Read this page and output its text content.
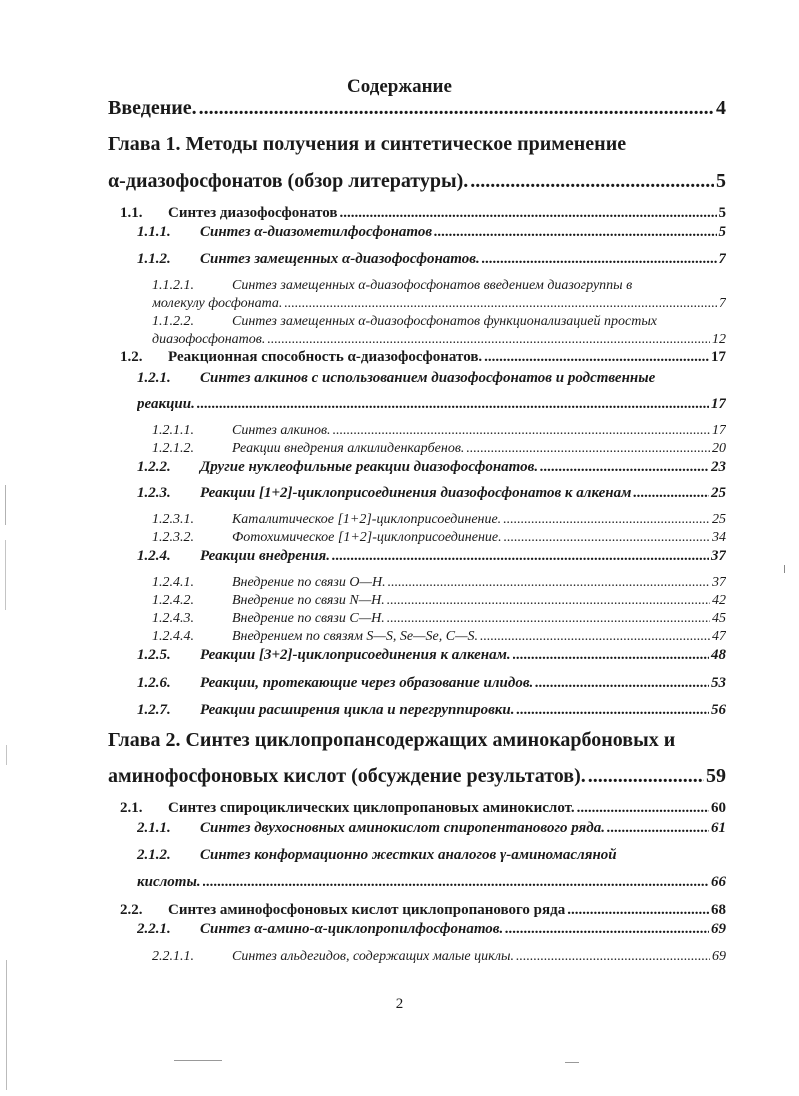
Содержание
Введение. .....	4
Глава 1. Методы получения и синтетическое применение
α-диазофосфонатов (обзор литературы). .....	5
1.1.	Синтез диазофосфонатов .....	5
1.1.1.	Синтез α-диазометилфосфонатов .....	5
1.1.2.	Синтез замещенных α-диазофосфонатов. .....	7
1.1.2.1.	Синтез замещенных α-диазофосфонатов введением диазогруппы в
молекулу фосфоната. .....	7
1.1.2.2.	Синтез замещенных α-диазофосфонатов функционализацией простых
диазофосфонатов. .....	12
1.2.	Реакционная способность α-диазофосфонатов. .....	17
1.2.1. Синтез алкинов с использованием диазофосфонатов и родственные
реакции. .....	17
1.2.1.1.	Синтез алкинов. .....	17
1.2.1.2.	Реакции внедрения алкилиденкарбенов. .....	20
1.2.2.	Другие нуклеофильные реакции диазофосфонатов. .....	23
1.2.3.	Реакции [1+2]-циклоприсоединения диазофосфонатов к алкенам .....	25
1.2.3.1.	Каталитическое [1+2]-циклоприсоединение. .....	25
1.2.3.2.	Фотохимическое [1+2]-циклоприсоединение. .....	34
1.2.4.	Реакции внедрения. .....	37
1.2.4.1.	Внедрение по связи О—Н. .....	37
1.2.4.2.	Внедрение по связи N—H. .....	42
1.2.4.3.	Внедрение по связи С—Н. .....	45
1.2.4.4.	Внедрением по связям S—S, Se—Se, C—S. .....	47
1.2.5.	Реакции [3+2]-циклоприсоединения к алкенам. .....	48
1.2.6.	Реакции, протекающие через образование илидов. .....	53
1.2.7.	Реакции расширения цикла и перегруппировки. .....	56
Глава 2. Синтез циклопропансодержащих аминокарбоновых и
аминофосфоновых кислот (обсуждение результатов). .....	59
2.1.	Синтез спироциклических циклопропановых аминокислот. .....	60
2.1.1.	Синтез двухосновных аминокислот спиропентанового ряда. .....	61
2.1.2. Синтез конформационно жестких аналогов γ-аминомасляной
кислоты. .....	66
2.2.	Синтез аминофосфоновых кислот циклопропанового ряда .....	68
2.2.1.	Синтез α-амино-α-циклопропилфосфонатов. .....	69
2.2.1.1.	Синтез альдегидов, содержащих малые циклы. .....	69
2
